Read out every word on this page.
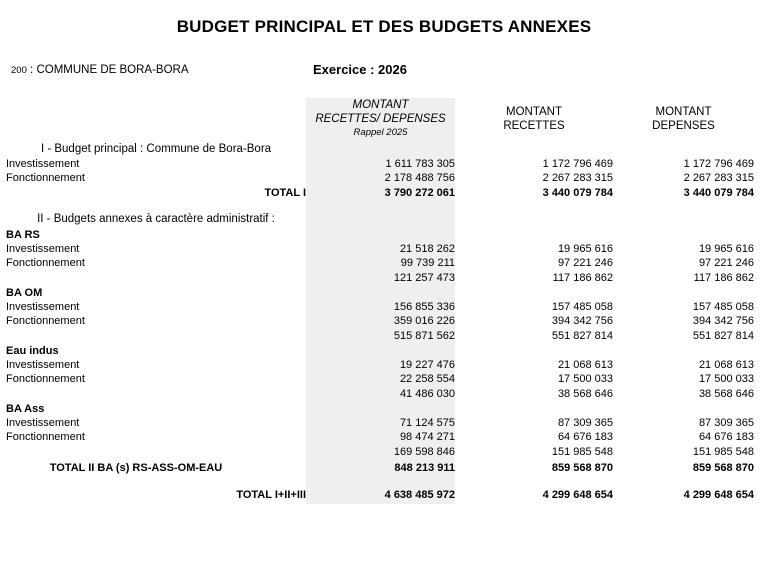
BUDGET PRINCIPAL ET DES BUDGETS ANNEXES
200 : COMMUNE DE BORA-BORA	Exercice : 2026

MONTANT
RECETTES/ DEPENSES
Rappel 2025

MONTANT
RECETTES

MONTANT
DEPENSES

I - Budget principal : Commune de Bora-Bora			
Investissement	1 611 783 305	1 172 796 469	1 172 796 469
Fonctionnement	2 178 488 756	2 267 283 315	2 267 283 315
TOTAL I	3 790 272 061	3 440 079 784	3 440 079 784

II - Budgets annexes à caractère administratif :			
BA RS			
Investissement	21 518 262	19 965 616	19 965 616
Fonctionnement	99 739 211	97 221 246	97 221 246
	121 257 473	117 186 862	117 186 862
BA OM			
Investissement	156 855 336	157 485 058	157 485 058
Fonctionnement	359 016 226	394 342 756	394 342 756
	515 871 562	551 827 814	551 827 814
Eau indus			
Investissement	19 227 476	21 068 613	21 068 613
Fonctionnement	22 258 554	17 500 033	17 500 033
	41 486 030	38 568 646	38 568 646
BA Ass			
Investissement	71 124 575	87 309 365	87 309 365
Fonctionnement	98 474 271	64 676 183	64 676 183
	169 598 846	151 985 548	151 985 548
TOTAL II BA (s) RS-ASS-OM-EAU	848 213 911	859 568 870	859 568 870

TOTAL I+II+III	4 638 485 972	4 299 648 654	4 299 648 654
